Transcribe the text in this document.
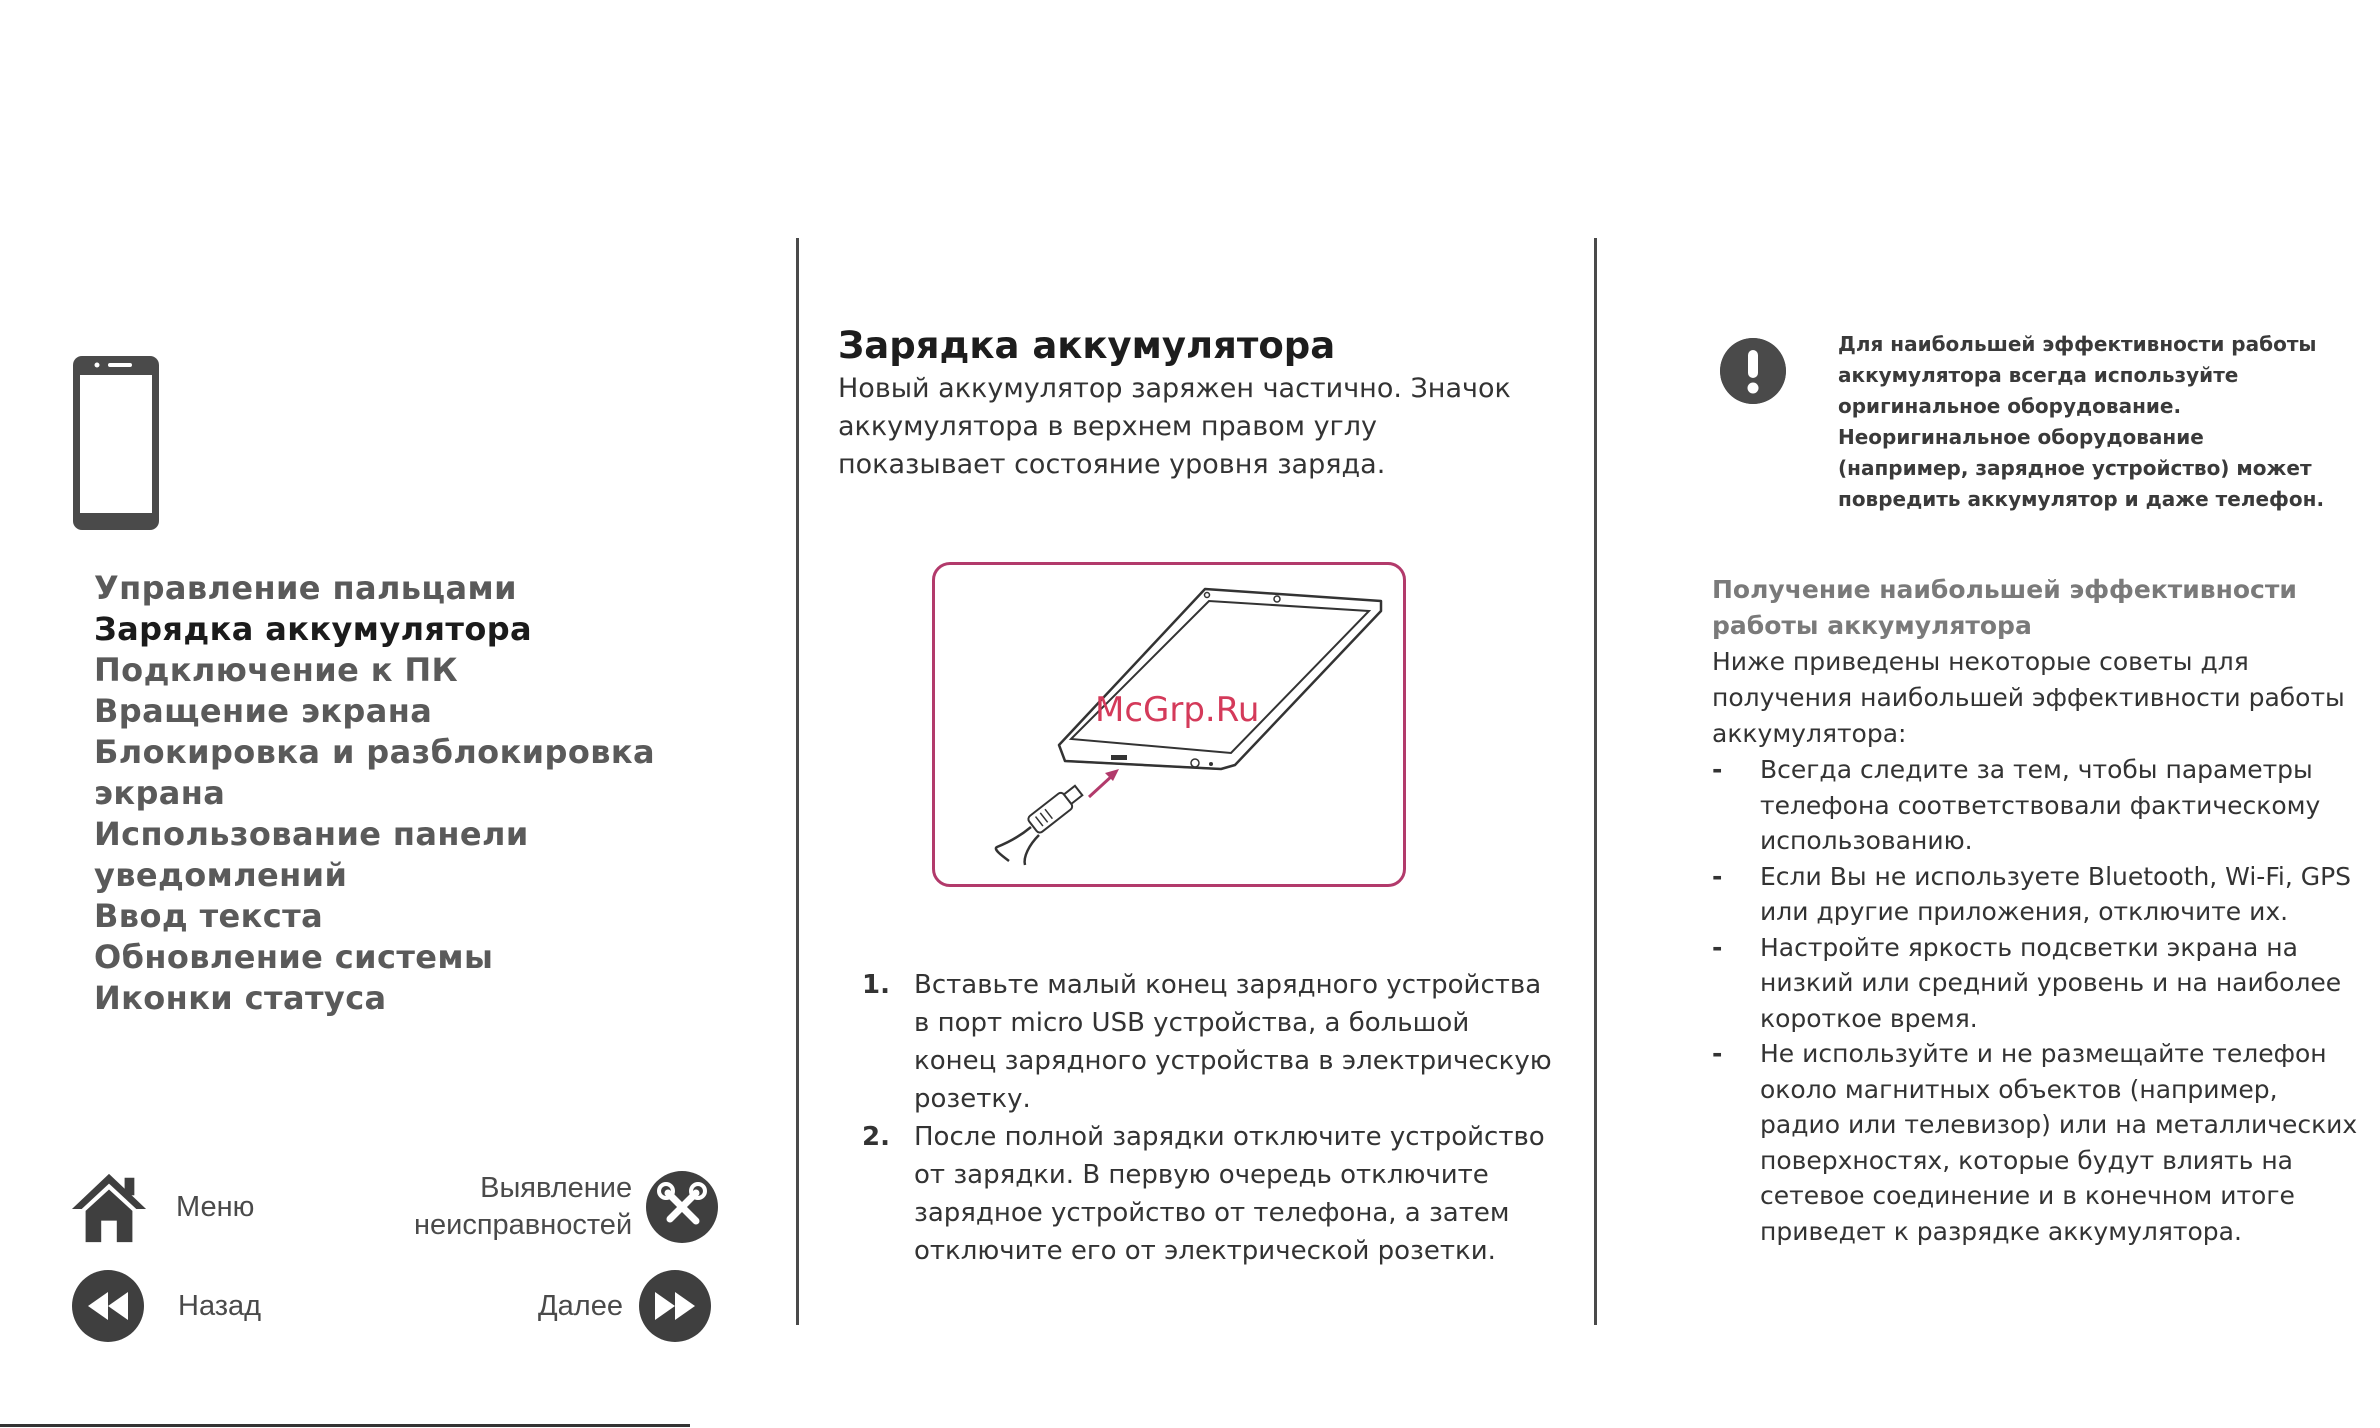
Управление пальцами
Зарядка аккумулятора
Подключение к ПК
Вращение экрана
Блокировка и разблокировка экрана
Использование панели
уведомлений
Ввод текста
Обновление системы
Иконки статуса
Меню
Выявление
неисправностей
Назад	Далее
Зарядка аккумулятора
Новый аккумулятор заряжен частично. Значок аккумулятора в верхнем правом углу показывает состояние уровня заряда.
McGrp.Ru
1. Вставьте малый конец зарядного устройства в порт micro USB устройства, а большой конец зарядного устройства в электрическую розетку.
2. После полной зарядки отключите устройство от зарядки. В первую очередь отключите зарядное устройство от телефона, а затем отключите его от электрической розетки.
Для наибольшей эффективности работы аккумулятора всегда используйте оригинальное оборудование. Неоригинальное оборудование (например, зарядное устройство) может повредить аккумулятор и даже телефон.
Получение наибольшей эффективности работы аккумулятора
Ниже приведены некоторые советы для получения наибольшей эффективности работы аккумулятора:
-	Всегда следите за тем, чтобы параметры телефона соответствовали фактическому использованию.
-	Если Вы не используете Bluetooth, Wi-Fi, GPS или другие приложения, отключите их.
-	Настройте яркость подсветки экрана на низкий или средний уровень и на наиболее короткое время.
-	Не используйте и не размещайте телефон около магнитных объектов (например, радио или телевизор) или на металлических поверхностях, которые будут влиять на сетевое соединение и в конечном итоге приведет к разрядке аккумулятора.
